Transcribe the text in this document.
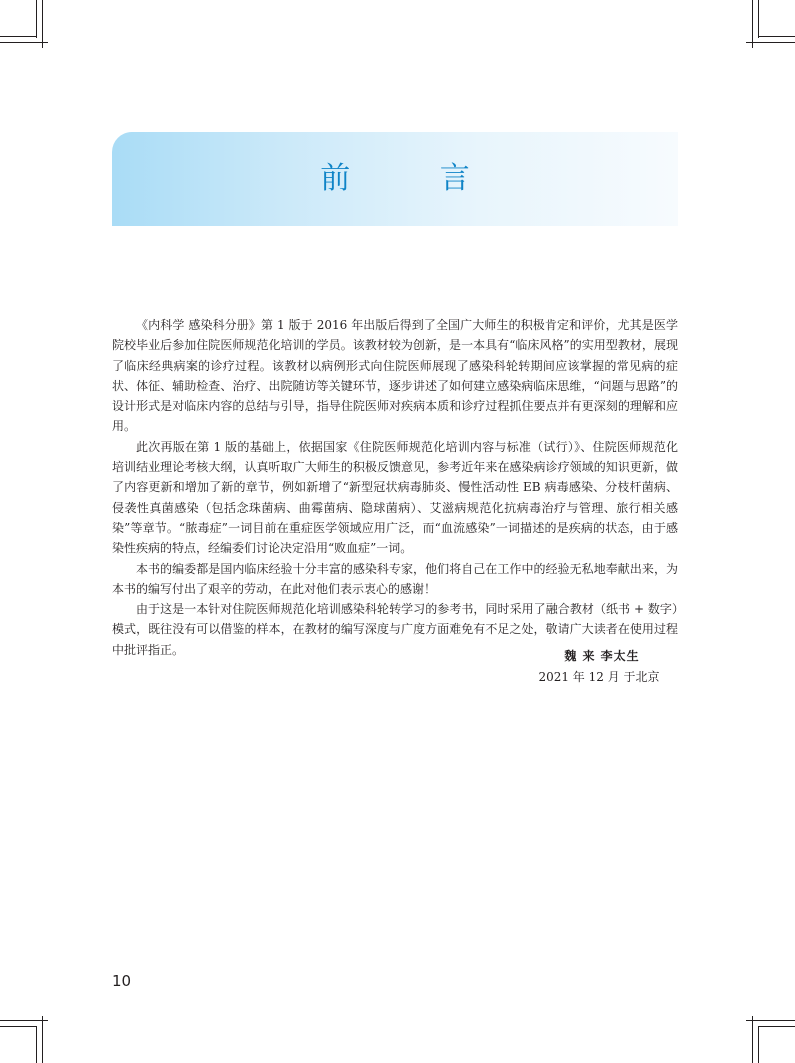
前 言

《内科学 感染科分册》第 1 版于 2016 年出版后得到了全国广大师生的积极肯定和评价，尤其是医学院校毕业后参加住院医师规范化培训的学员。该教材较为创新，是一本具有“临床风格”的实用型教材，展现了临床经典病案的诊疗过程。该教材以病例形式向住院医师展现了感染科轮转期间应该掌握的常见病的症状、体征、辅助检查、治疗、出院随访等关键环节，逐步讲述了如何建立感染病临床思维，“问题与思路”的设计形式是对临床内容的总结与引导，指导住院医师对疾病本质和诊疗过程抓住要点并有更深刻的理解和应用。

此次再版在第 1 版的基础上，依据国家《住院医师规范化培训内容与标准（试行）》、住院医师规范化培训结业理论考核大纲，认真听取广大师生的积极反馈意见，参考近年来在感染病诊疗领域的知识更新，做了内容更新和增加了新的章节，例如新增了“新型冠状病毒肺炎、慢性活动性 EB 病毒感染、分枝杆菌病、侵袭性真菌感染（包括念珠菌病、曲霉菌病、隐球菌病）、艾滋病规范化抗病毒治疗与管理、旅行相关感染”等章节。“脓毒症”一词目前在重症医学领域应用广泛，而“血流感染”一词描述的是疾病的状态，由于感染性疾病的特点，经编委们讨论决定沿用“败血症”一词。

本书的编委都是国内临床经验十分丰富的感染科专家，他们将自己在工作中的经验无私地奉献出来，为本书的编写付出了艰辛的劳动，在此对他们表示衷心的感谢！

由于这是一本针对住院医师规范化培训感染科轮转学习的参考书，同时采用了融合教材（纸书 + 数字）模式，既往没有可以借鉴的样本，在教材的编写深度与广度方面难免有不足之处，敬请广大读者在使用过程中批评指正。	魏 来 李太生
2021 年 12 月 于北京
10
